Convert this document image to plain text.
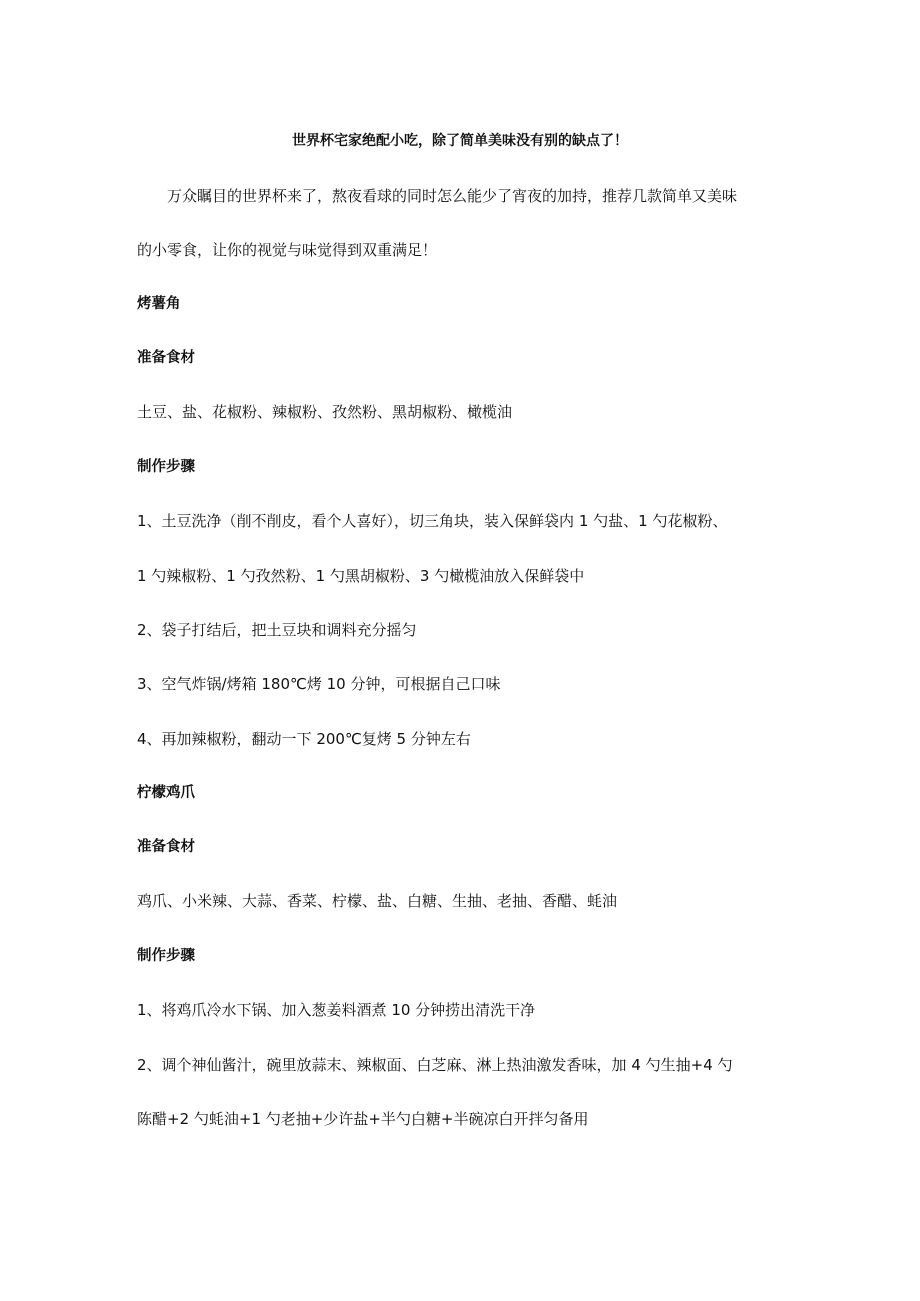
世界杯宅家绝配小吃，除了简单美味没有别的缺点了！
万众瞩目的世界杯来了，熬夜看球的同时怎么能少了宵夜的加持，推荐几款简单又美味
的小零食，让你的视觉与味觉得到双重满足！
烤薯角
准备食材
土豆、盐、花椒粉、辣椒粉、孜然粉、黑胡椒粉、橄榄油
制作步骤
1、土豆洗净（削不削皮，看个人喜好），切三角块，装入保鲜袋内 1 勺盐、1 勺花椒粉、
1 勺辣椒粉、1 勺孜然粉、1 勺黑胡椒粉、3 勺橄榄油放入保鲜袋中
2、袋子打结后，把土豆块和调料充分摇匀
3、空气炸锅/烤箱 180℃烤 10 分钟，可根据自己口味
4、再加辣椒粉，翻动一下 200℃复烤 5 分钟左右
柠檬鸡爪
准备食材
鸡爪、小米辣、大蒜、香菜、柠檬、盐、白糖、生抽、老抽、香醋、蚝油
制作步骤
1、将鸡爪冷水下锅、加入葱姜料酒煮 10 分钟捞出清洗干净
2、调个神仙酱汁，碗里放蒜末、辣椒面、白芝麻、淋上热油激发香味，加 4 勺生抽+4 勺
陈醋+2 勺蚝油+1 勺老抽+少许盐+半勺白糖+半碗凉白开拌匀备用
